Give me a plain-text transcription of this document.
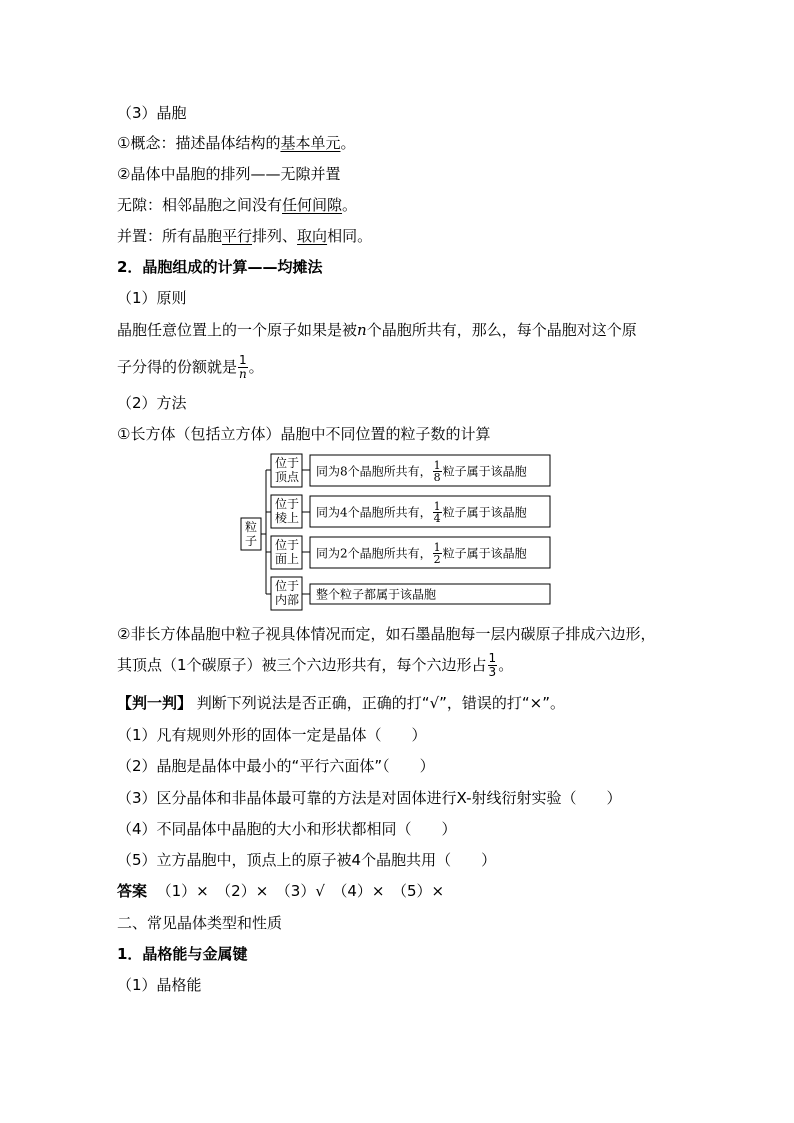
（3）晶胞
①概念：描述晶体结构的基本单元。
②晶体中晶胞的排列——无隙并置
无隙：相邻晶胞之间没有任何间隙。
并置：所有晶胞平行排列、取向相同。
2．晶胞组成的计算——均摊法
（1）原则
晶胞任意位置上的一个原子如果是被n个晶胞所共有，那么，每个晶胞对这个原
子分得的份额就是 $\frac{1}{n}$ 。
（2）方法
①长方体（包括立方体）晶胞中不同位置的粒子数的计算
粒
子
位于
顶点
位于
棱上
位于
面上
位于
内部
同为8个晶胞所共有， $\frac{1}{8}$ 粒子属于该晶胞
同为4个晶胞所共有， $\frac{1}{4}$ 粒子属于该晶胞
同为2个晶胞所共有， $\frac{1}{2}$ 粒子属于该晶胞
整个粒子都属于该晶胞
②非长方体晶胞中粒子视具体情况而定，如石墨晶胞每一层内碳原子排成六边形，
其顶点（1个碳原子）被三个六边形共有，每个六边形占 $\frac{1}{3}$ 。
【判一判】 判断下列说法是否正确，正确的打“√”，错误的打“×”。
（1）凡有规则外形的固体一定是晶体（　　）
（2）晶胞是晶体中最小的“平行六面体”（　　）
（3）区分晶体和非晶体最可靠的方法是对固体进行X-射线衍射实验（　　）
（4）不同晶体中晶胞的大小和形状都相同（　　）
（5）立方晶胞中，顶点上的原子被4个晶胞共用（　　）
答案 （1）×　（2）×　（3）√　（4）×　（5）×
二、常见晶体类型和性质
1．晶格能与金属键
（1）晶格能
